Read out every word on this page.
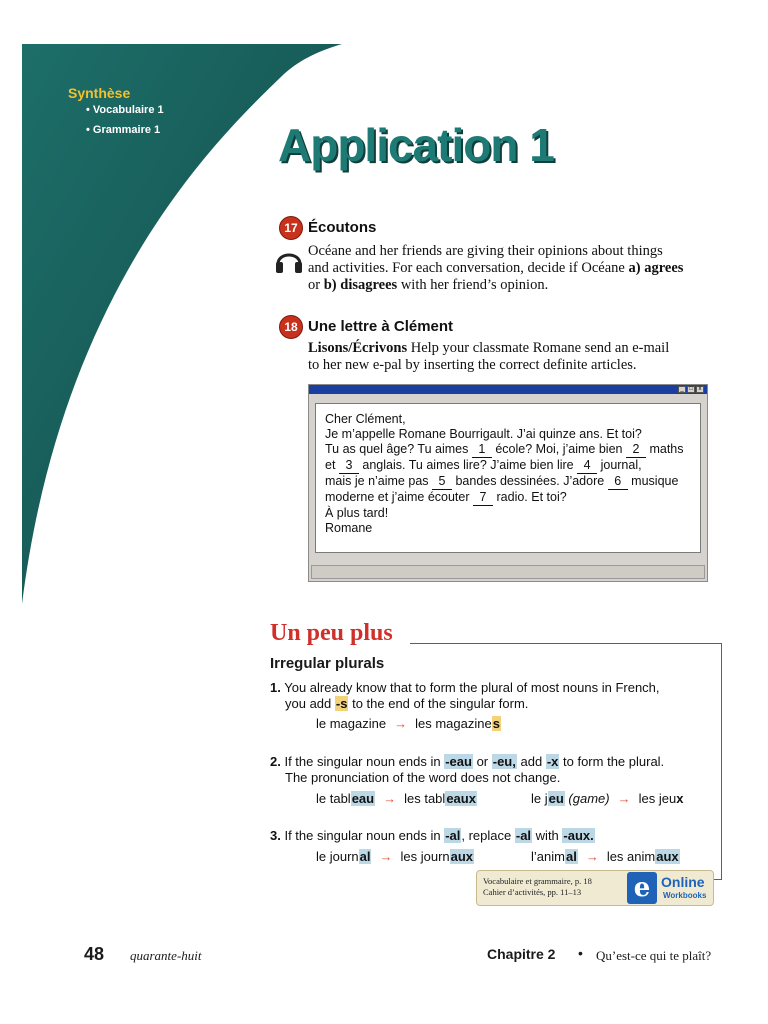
Synthèse
• Vocabulaire 1
• Grammaire 1	Application 1
17 Écoutons
Océane and her friends are giving their opinions about things
and activities. For each conversation, decide if Océane a) agrees
or b) disagrees with her friend’s opinion.
18 Une lettre à Clément
Lisons/Écrivons Help your classmate Romane send an e-mail
to her new e-pal by inserting the correct definite articles.
_ □ x
Cher Clément,
Je m’appelle Romane Bourrigault. J’ai quinze ans. Et toi?
Tu as quel âge? Tu aimes 1 école? Moi, j’aime bien 2 maths
et 3 anglais. Tu aimes lire? J’aime bien lire 4 journal,
mais je n’aime pas 5 bandes dessinées. J’adore 6 musique
moderne et j’aime écouter 7 radio. Et toi?
À plus tard!
Romane
Un peu plus
Irregular plurals
1. You already know that to form the plural of most nouns in French,
you add -s to the end of the singular form.
le magazine → les magazines
2. If the singular noun ends in -eau or -eu, add -x to form the plural.
The pronunciation of the word does not change.
le tableau → les tableaux	le jeu (game) → les jeux
3. If the singular noun ends in -al, replace -al with -aux.
le journal → les journaux	l’animal → les animaux
Vocabulaire et grammaire, p. 18
Cahier d’activités, pp. 11–13 e Online
Workbooks
48 quarante-huit	Chapitre 2 • Qu’est-ce qui te plaît?
